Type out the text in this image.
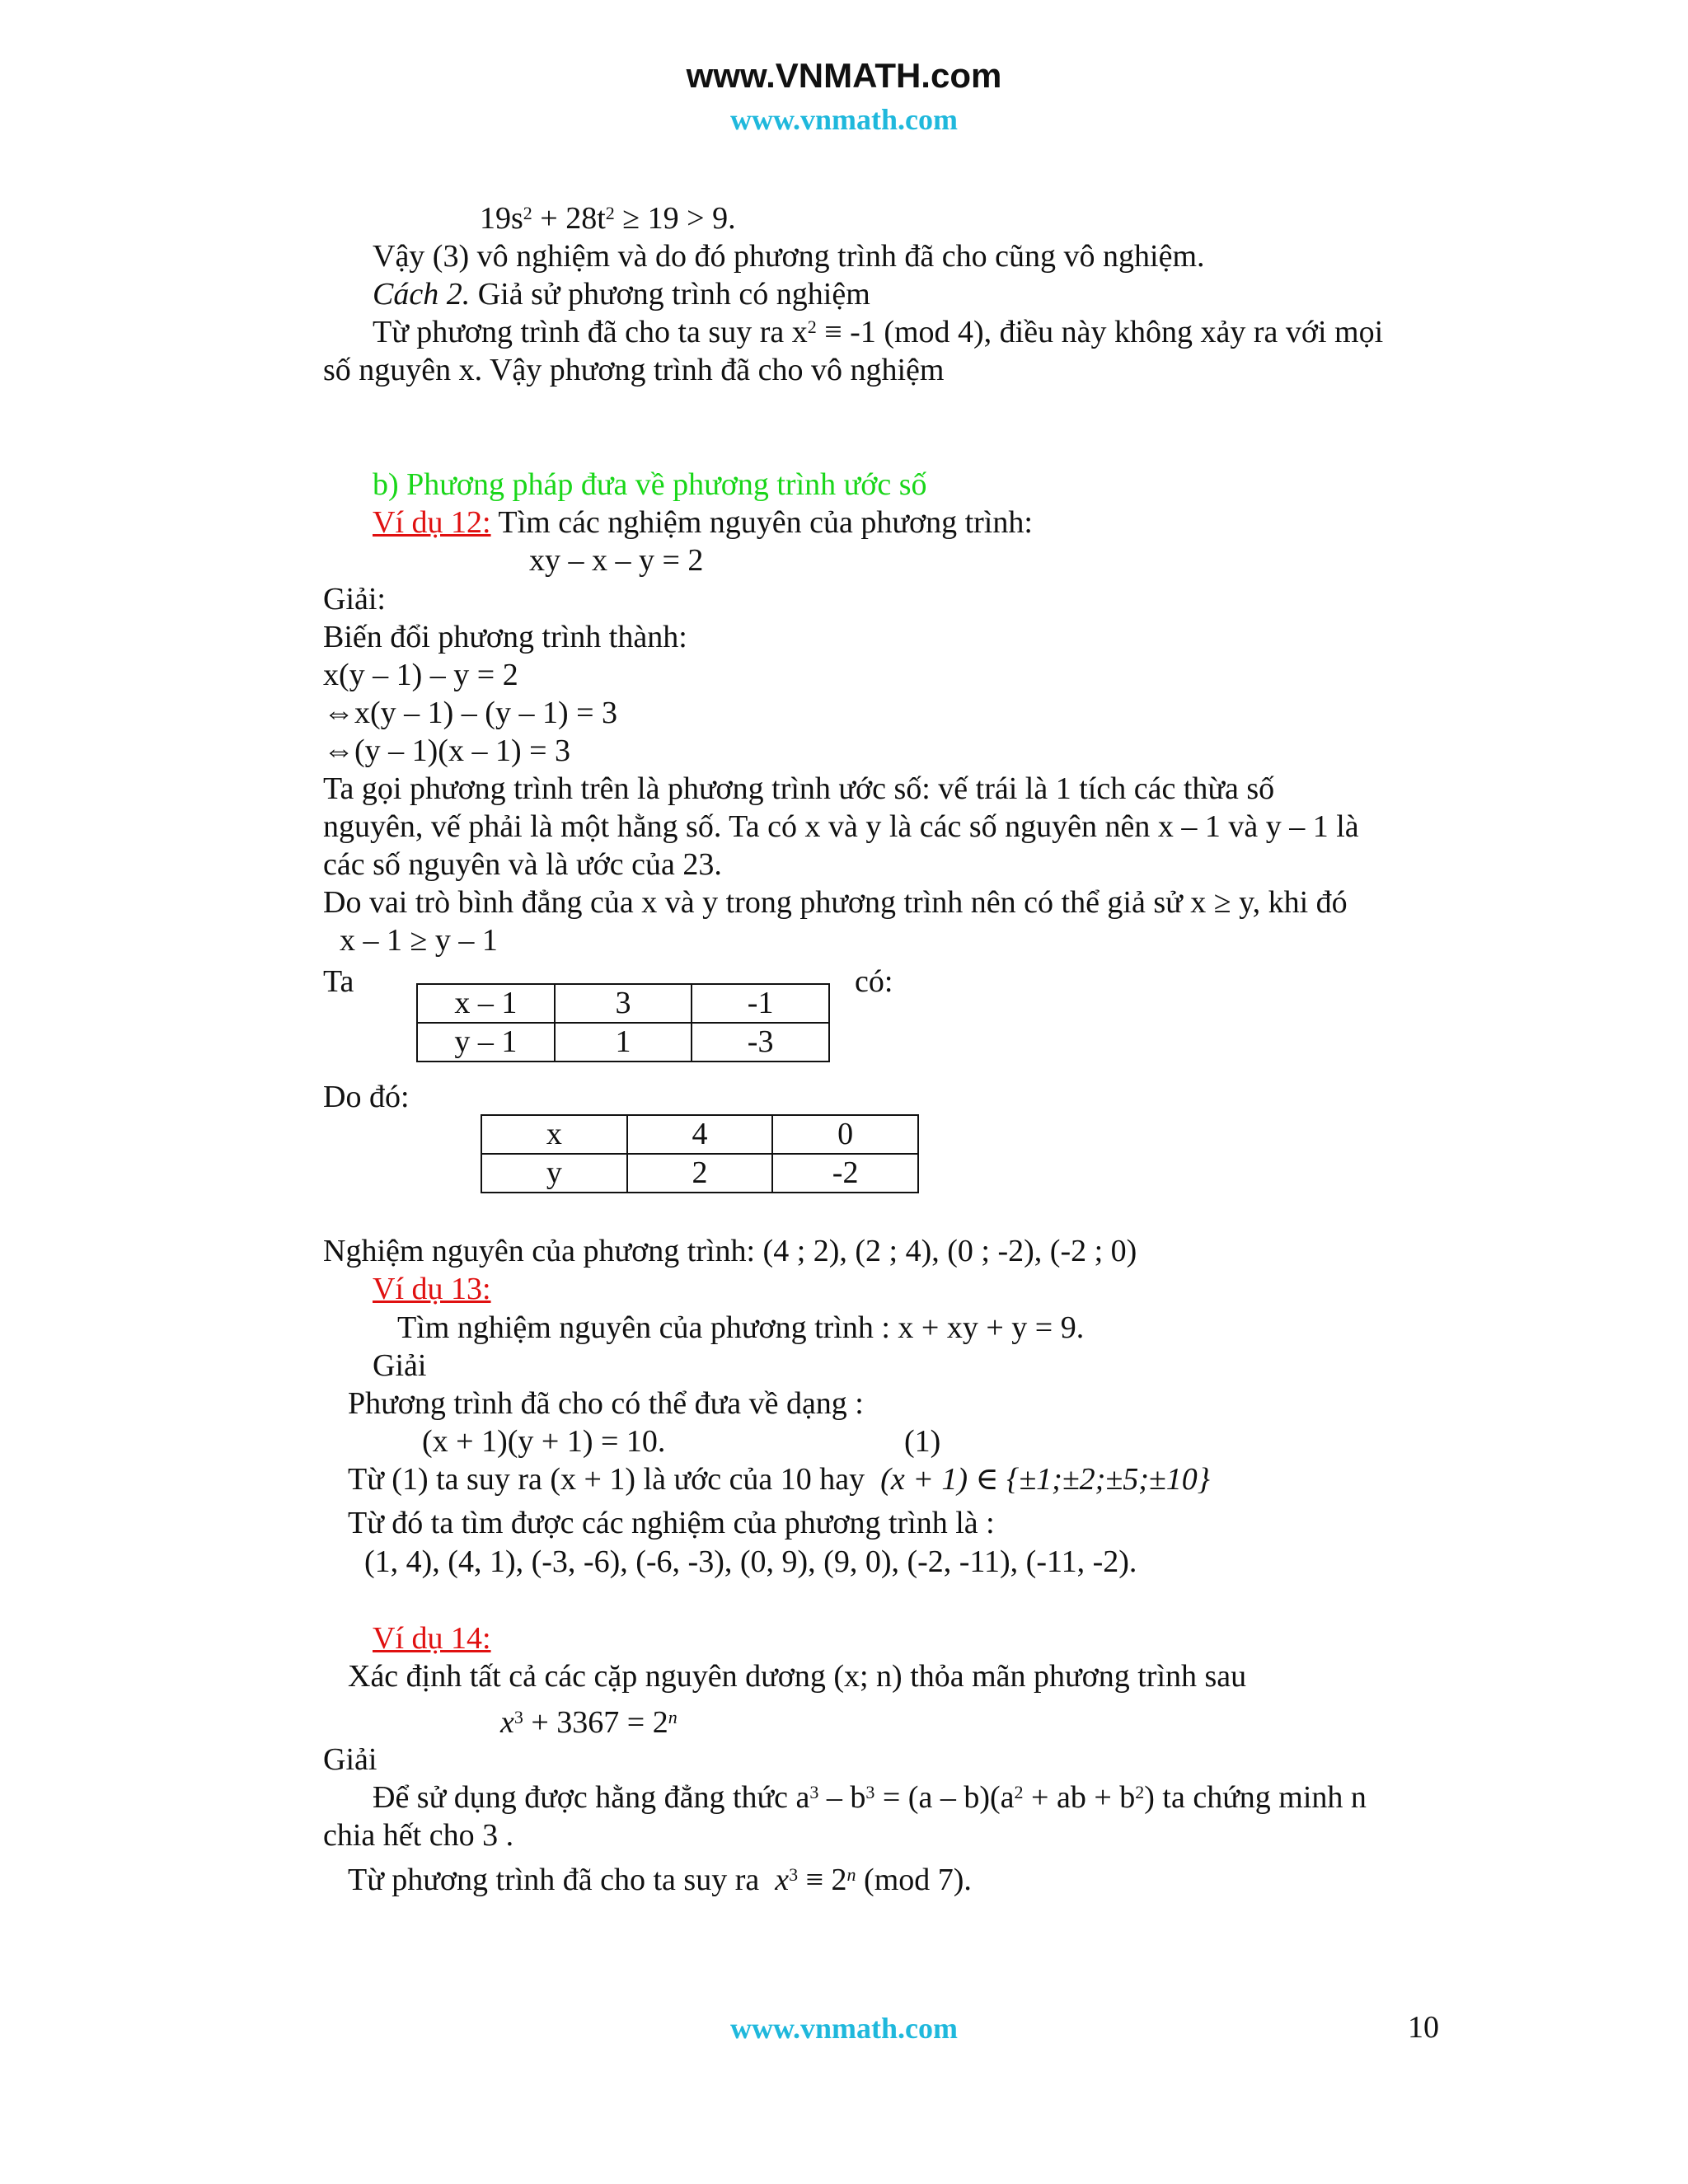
www.VNMATH.com
www.vnmath.com
$19s^2 + 28t^2 \ge 19 > 9$.
Vậy (3) vô nghiệm và do đó phương trình đã cho cũng vô nghiệm.
Cách 2. Giả sử phương trình có nghiệm
Từ phương trình đã cho ta suy ra $x^2 \equiv -1$ (mod 4), điều này không xảy ra với mọi
số nguyên x. Vậy phương trình đã cho vô nghiệm
b) Phương pháp đưa về phương trình ước số
Ví dụ 12: Tìm các nghiệm nguyên của phương trình:
xy – x – y = 2
Giải:
Biến đổi phương trình thành:
x(y – 1) – y = 2
⇔x(y – 1) – (y – 1) = 3
⇔(y – 1)(x – 1) = 3
Ta gọi phương trình trên là phương trình ước số: vế trái là 1 tích các thừa số
nguyên, vế phải là một hằng số. Ta có x và y là các số nguyên nên x – 1 và y – 1 là
các số nguyên và là ước của 23.
Do vai trò bình đẳng của x và y trong phương trình nên có thể giả sử x ≥ y, khi đó
x – 1 ≥ y – 1
Ta	có:
x – 1	3	-1
y – 1	1	-3
Do đó:
x	4	0
y	2	-2
Nghiệm nguyên của phương trình: (4 ; 2), (2 ; 4), (0 ; -2), (-2 ; 0)
Ví dụ 13:
Tìm nghiệm nguyên của phương trình : x + xy + y = 9.
Giải
Phương trình đã cho có thể đưa về dạng :
(x + 1)(y + 1) = 10.	(1)
Từ (1) ta suy ra (x + 1) là ước của 10 hay (x + 1) ∈ {±1;±2;±5;±10}
Từ đó ta tìm được các nghiệm của phương trình là :
(1, 4), (4, 1), (-3, -6), (-6, -3), (0, 9), (9, 0), (-2, -11), (-11, -2).
Ví dụ 14:
Xác định tất cả các cặp nguyên dương (x; n) thỏa mãn phương trình sau
$x^3 + 3367 = 2^n$
Giải
Để sử dụng được hằng đẳng thức $a^3 - b^3 = (a - b)(a^2$ + ab + $b^2$) ta chứng minh n
chia hết cho 3 .
Từ phương trình đã cho ta suy ra $x^3 \equiv 2^n$ (mod 7).
www.vnmath.com	10
